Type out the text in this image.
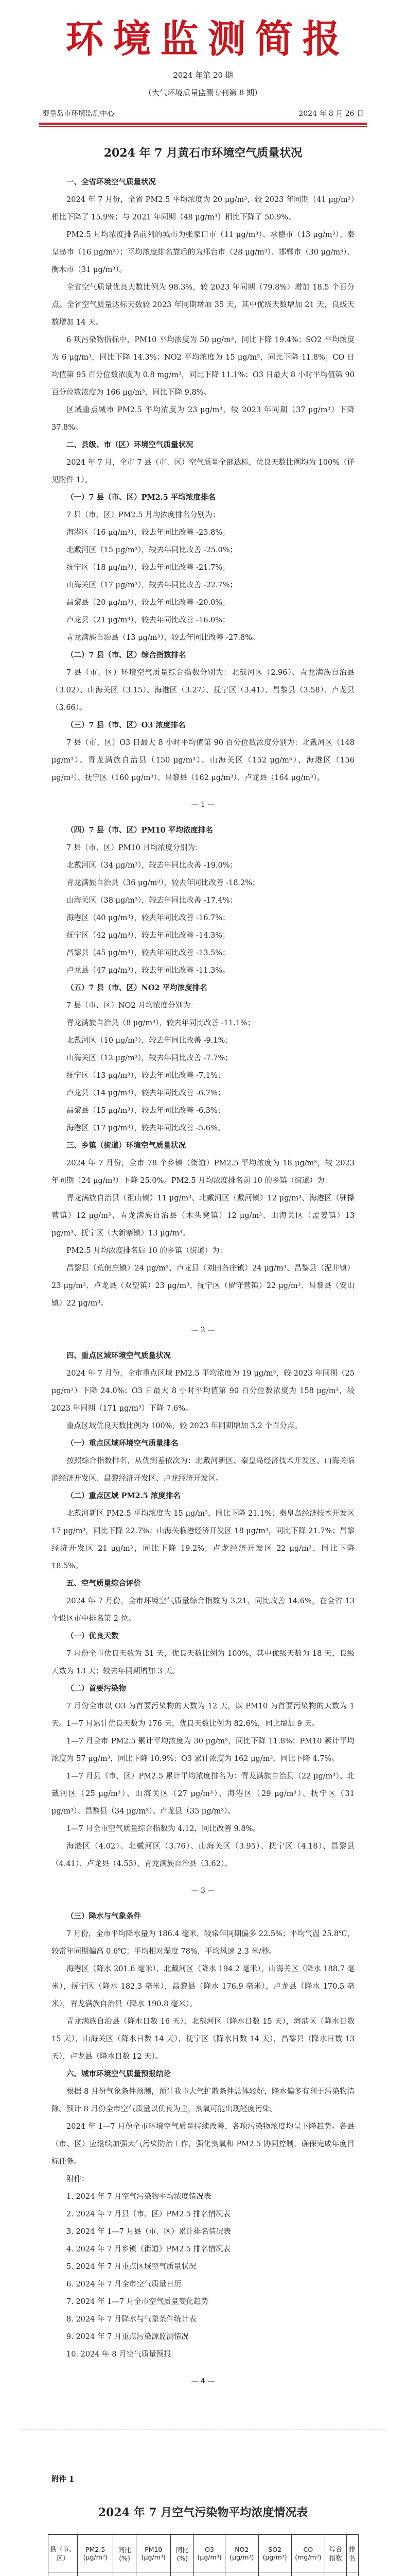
环境监测简报
2024 年第 20 期
（大气环境质量监测专刊第 8 期）
秦皇岛市环境监测中心	2024 年 8 月 26 日
2024 年 7 月黄石市环境空气质量状况

一、全省环境空气质量状况

2024 年 7 月份，全省 PM2.5 平均浓度为 20 μg/m³，较 2023 年同期（41 μg/m³）相比下降了 15.9%；与 2021 年同期（48 μg/m³）相比下降了 50.9%。

PM2.5 月均浓度排名前列的城市为张家口市（11 μg/m³）、承德市（13 μg/m³）、秦皇岛市（16 μg/m³）；平均浓度排名靠后的为邢台市（28 μg/m³）、邯郸市（30 μg/m³）、衡水市（31 μg/m³）。

全省空气质量优良天数比例为 98.3%，较 2023 年同期（79.8%）增加 18.5 个百分点。全省空气质量达标天数较 2023 年同期增加 35 天，其中优级天数增加 21 天，良级天数增加 14 天。

6 项污染物指标中，PM10 平均浓度为 50 μg/m³，同比下降 19.4%；SO2 平均浓度为 6 μg/m³，同比下降 14.3%；NO2 平均浓度为 15 μg/m³，同比下降 11.8%；CO 日均值第 95 百分位数浓度为 0.8 mg/m³，同比下降 11.1%；O3 日最大 8 小时平均值第 90 百分位数浓度为 166 μg/m³，同比下降 9.8%。

区域重点城市 PM2.5 平均浓度为 23 μg/m³，较 2023 年同期（37 μg/m³）下降 37.8%。

二、县级、市（区）环境空气质量状况

2024 年 7 月，全市 7 县（市、区）空气质量全部达标，优良天数比例均为 100%（详见附件 1）。

（一）7 县（市、区）PM2.5 平均浓度排名

7 县（市、区）PM2.5 月均浓度排名分别为：

海港区（16 μg/m³），较去年同比改善 -23.8%；

北戴河区（15 μg/m³），较去年同比改善 -25.0%；

抚宁区（18 μg/m³），较去年同比改善 -21.7%；

山海关区（17 μg/m³），较去年同比改善 -22.7%；

昌黎县（20 μg/m³），较去年同比改善 -20.0%；

卢龙县（21 μg/m³），较去年同比改善 -16.0%；

青龙满族自治县（13 μg/m³），较去年同比改善 -27.8%。

（二）7 县（市、区）综合指数排名

7 县（市、区）环境空气质量综合指数分别为：北戴河区（2.96）、青龙满族自治县（3.02）、山海关区（3.15）、海港区（3.27）、抚宁区（3.41）、昌黎县（3.58）、卢龙县（3.66）。

（三）7 县（市、区）O3 浓度排名

7 县（市、区）O3 日最大 8 小时平均值第 90 百分位数浓度分别为：北戴河区（148 μg/m³）、青龙满族自治县（150 μg/m³）、山海关区（152 μg/m³）、海港区（156 μg/m³）、抚宁区（160 μg/m³）、昌黎县（162 μg/m³）、卢龙县（164 μg/m³）。

— 1 —

（四）7 县（市、区）PM10 平均浓度排名

7 县（市、区）PM10 月均浓度分别为：

北戴河区（34 μg/m³），较去年同比改善 -19.0%；

青龙满族自治县（36 μg/m³），较去年同比改善 -18.2%；

山海关区（38 μg/m³），较去年同比改善 -17.4%；

海港区（40 μg/m³），较去年同比改善 -16.7%；

抚宁区（42 μg/m³），较去年同比改善 -14.3%；

昌黎县（45 μg/m³），较去年同比改善 -13.5%；

卢龙县（47 μg/m³），较去年同比改善 -11.3%。

（五）7 县（市、区）NO2 平均浓度排名

7 县（市、区）NO2 月均浓度分别为：

青龙满族自治县（8 μg/m³），较去年同比改善 -11.1%；

北戴河区（10 μg/m³），较去年同比改善 -9.1%；

山海关区（12 μg/m³），较去年同比改善 -7.7%；

抚宁区（13 μg/m³），较去年同比改善 -7.1%；

卢龙县（14 μg/m³），较去年同比改善 -6.7%；

昌黎县（15 μg/m³），较去年同比改善 -6.3%；

海港区（17 μg/m³），较去年同比改善 -5.6%。

三、乡镇（街道）环境空气质量状况

2024 年 7 月份，全市 78 个乡镇（街道）PM2.5 平均浓度为 18 μg/m³，较 2023 年同期（24 μg/m³）下降 25.0%。PM2.5 月均浓度排名前 10 的乡镇（街道）为：

青龙满族自治县（祖山镇）11 μg/m³、北戴河区（戴河镇）12 μg/m³、海港区（驻操营镇）12 μg/m³、青龙满族自治县（木头凳镇）12 μg/m³、山海关区（孟姜镇）13 μg/m³、抚宁区（大新寨镇）13 μg/m³。

PM2.5 月均浓度排名后 10 的乡镇（街道）为：

昌黎县（荒佃庄镇）24 μg/m³、卢龙县（刘田各庄镇）24 μg/m³、昌黎县（泥井镇）23 μg/m³、卢龙县（双望镇）23 μg/m³、抚宁区（留守营镇）22 μg/m³、昌黎县（安山镇）22 μg/m³。

— 2 —

四、重点区域环境空气质量状况

2024 年 7 月份，全市重点区域 PM2.5 平均浓度为 19 μg/m³，较 2023 年同期（25 μg/m³）下降 24.0%；O3 日最大 8 小时平均值第 90 百分位数浓度为 158 μg/m³，较 2023 年同期（171 μg/m³）下降 7.6%。

重点区域优良天数比例为 100%，较 2023 年同期增加 3.2 个百分点。

（一）重点区域环境空气质量排名

按照综合指数排名，从优到差依次为：北戴河新区、秦皇岛经济技术开发区、山海关临港经济开发区、昌黎经济开发区、卢龙经济开发区。

（二）重点区域 PM2.5 浓度排名

北戴河新区 PM2.5 平均浓度为 15 μg/m³，同比下降 21.1%；秦皇岛经济技术开发区 17 μg/m³，同比下降 22.7%；山海关临港经济开发区 18 μg/m³，同比下降 21.7%；昌黎经济开发区 21 μg/m³，同比下降 19.2%；卢龙经济开发区 22 μg/m³，同比下降 18.5%。

五、空气质量综合评价

2024 年 7 月份，全市环境空气质量综合指数为 3.21，同比改善 14.6%，在全省 13 个设区市中排名第 2 位。

（一）优良天数

7 月份全市优良天数为 31 天，优良天数比例为 100%，其中优级天数为 18 天，良级天数为 13 天；较去年同期增加 3 天。

（二）首要污染物

7 月份全市以 O3 为首要污染物的天数为 12 天，以 PM10 为首要污染物的天数为 1 天。1—7 月累计优良天数为 176 天，优良天数比例为 82.6%，同比增加 9 天。

1—7 月全市 PM2.5 累计平均浓度为 30 μg/m³，同比下降 11.8%；PM10 累计平均浓度为 57 μg/m³，同比下降 10.9%；O3 累计浓度为 162 μg/m³，同比下降 4.7%。

1—7 月县（市、区）PM2.5 累计平均浓度排名为：青龙满族自治县（22 μg/m³）、北戴河区（25 μg/m³）、山海关区（27 μg/m³）、海港区（29 μg/m³）、抚宁区（31 μg/m³）、昌黎县（34 μg/m³）、卢龙县（35 μg/m³）。

1—7 月全市空气质量综合指数为 4.12，同比改善 9.8%。

海港区（4.02）、北戴河区（3.76）、山海关区（3.95）、抚宁区（4.18）、昌黎县（4.41）、卢龙县（4.53）、青龙满族自治县（3.62）。

— 3 —

（三）降水与气象条件

7 月份，全市平均降水量为 186.4 毫米，较常年同期偏多 22.5%；平均气温 25.8℃，较常年同期偏高 0.6℃；平均相对湿度 78%，平均风速 2.3 米/秒。

海港区（降水 201.6 毫米），北戴河区（降水 194.2 毫米），山海关区（降水 188.7 毫米），抚宁区（降水 182.3 毫米），昌黎县（降水 176.9 毫米），卢龙县（降水 170.5 毫米），青龙满族自治县（降水 190.8 毫米）。

青龙满族自治县（降水日数 16 天），北戴河区（降水日数 15 天），海港区（降水日数 15 天），山海关区（降水日数 14 天），抚宁区（降水日数 14 天），昌黎县（降水日数 13 天），卢龙县（降水日数 12 天）。

六、城市环境空气质量预报结论

根据 8 月份气象条件预测，预计我市大气扩散条件总体较好，降水偏多有利于污染物清除。预计 8 月份全市空气质量以优良为主，臭氧可能出现轻度污染。

2024 年 1—7 月份全市环境空气质量持续改善，各项污染物浓度均呈下降趋势。各县（市、区）应继续加强大气污染防治工作，强化臭氧和 PM2.5 协同控制，确保完成年度目标任务。

附件：

1. 2024 年 7 月空气污染物平均浓度情况表

2. 2024 年 7 月县（市、区）PM2.5 排名情况表

3. 2024 年 1—7 月县（市、区）累计排名情况表

4. 2024 年 7 月乡镇（街道）PM2.5 排名情况表

5. 2024 年 7 月重点区域空气质量状况

6. 2024 年 7 月全市空气质量日历

7. 2024 年 1—7 月全市空气质量变化趋势

8. 2024 年 7 月降水与气象条件统计表

9. 2024 年 7 月重点污染源监测情况

10. 2024 年 8 月空气质量预报

— 4 —

附件 1
2024 年 7 月空气污染物平均浓度情况表
县（市、区）	PM2.5 (μg/m³)	同比 (%)	PM10 (μg/m³)	同比 (%)	O3 (μg/m³)	NO2 (μg/m³)	SO2 (μg/m³)	CO (mg/m³)	综合指数	排名
